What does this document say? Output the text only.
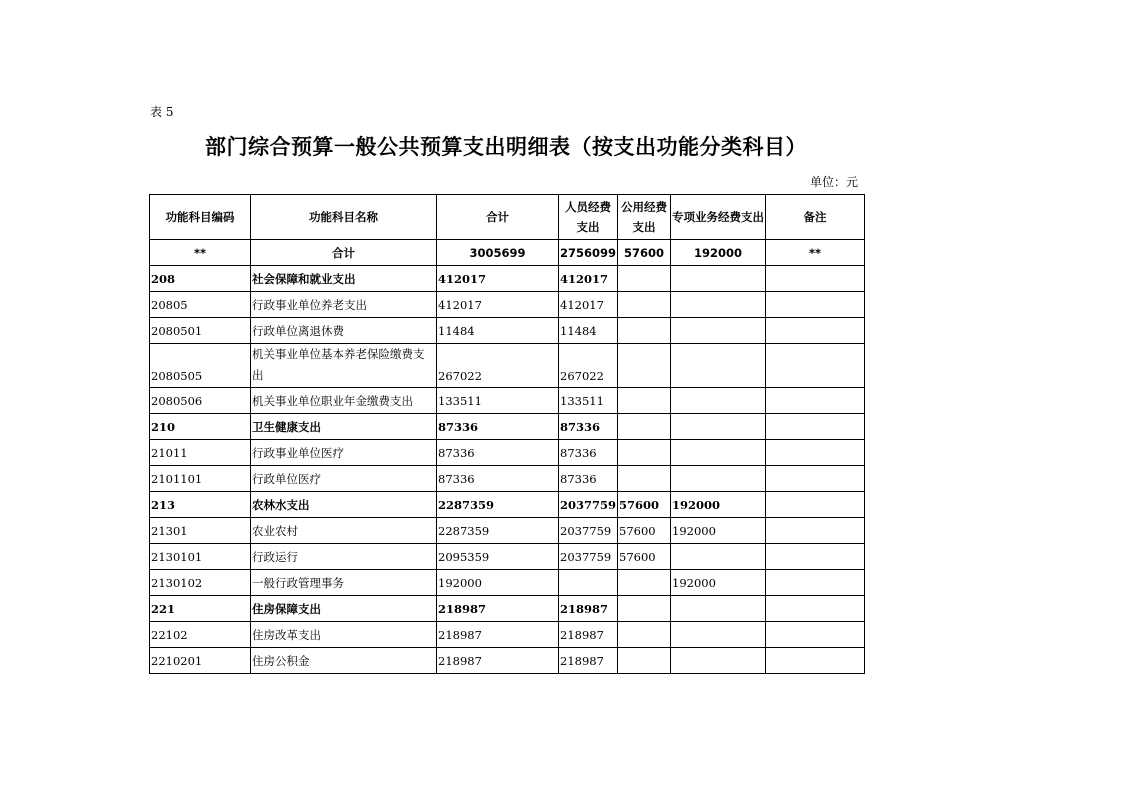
表 5
部门综合预算一般公共预算支出明细表（按支出功能分类科目）
单位：元
功能科目编码	功能科目名称	合计	人员经费支出	公用经费支出	专项业务经费支出	备注
**	合计	3005699	2756099	57600	192000	**
208	社会保障和就业支出	412017	412017			
20805	行政事业单位养老支出	412017	412017			
2080501	行政单位离退休费	11484	11484			
2080505	机关事业单位基本养老保险缴费支出	267022	267022			
2080506	机关事业单位职业年金缴费支出	133511	133511			
210	卫生健康支出	87336	87336			
21011	行政事业单位医疗	87336	87336			
2101101	行政单位医疗	87336	87336			
213	农林水支出	2287359	2037759	57600	192000	
21301	农业农村	2287359	2037759	57600	192000	
2130101	行政运行	2095359	2037759	57600		
2130102	一般行政管理事务	192000			192000	
221	住房保障支出	218987	218987			
22102	住房改革支出	218987	218987			
2210201	住房公积金	218987	218987			
